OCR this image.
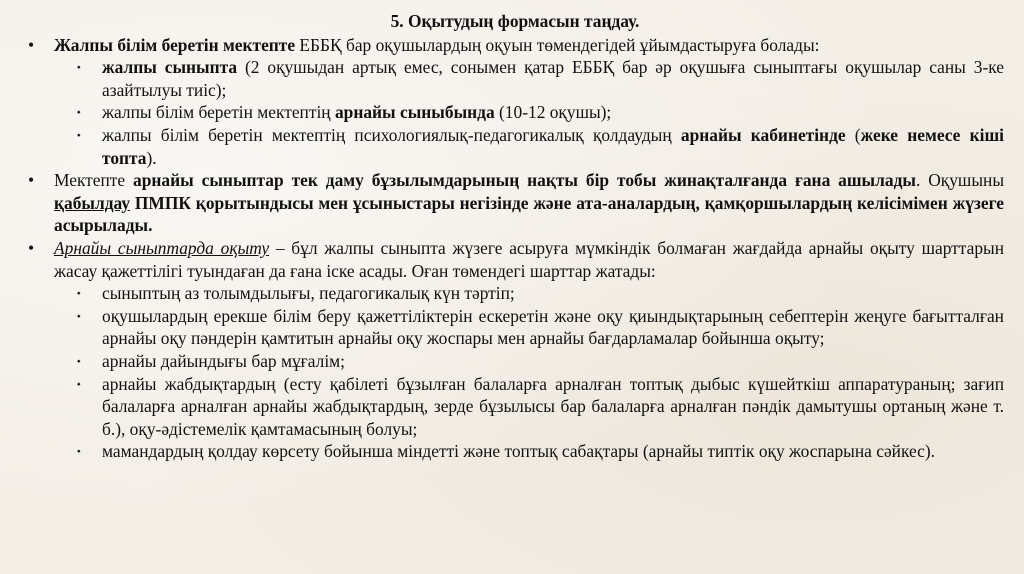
5. Оқытудың формасын таңдау.

• Жалпы білім беретін мектепте ЕББҚ бар оқушылардың оқуын төмендегідей ұйымдастыруға болады:

⬩ жалпы сыныпта (2 оқушыдан артық емес, сонымен қатар ЕББҚ бар әр оқушыға сыныптағы оқушылар саны 3-ке азайтылуы тиіс);

⬩ жалпы білім беретін мектептің арнайы сыныбында (10-12 оқушы);

⬩ жалпы білім беретін мектептің психологиялық-педагогикалық қолдаудың арнайы кабинетінде (жеке немесе кіші топта).

• Мектепте арнайы сыныптар тек даму бұзылымдарының нақты бір тобы жинақталғанда ғана ашылады. Оқушыны қабылдау ПМПК қорытындысы мен ұсыныстары негізінде және ата-аналардың, қамқоршылардың келісімімен жүзеге асырылады.

• Арнайы сыныптарда оқыту – бұл жалпы сыныпта жүзеге асыруға мүмкіндік болмаған жағдайда арнайы оқыту шарттарын жасау қажеттілігі туындаған да ғана іске асады. Оған төмендегі шарттар жатады:

⬩ сыныптың аз толымдылығы, педагогикалық күн тәртіп;

⬩ оқушылардың ерекше білім беру қажеттіліктерін ескеретін және оқу қиындықтарының себептерін жеңуге бағытталған арнайы оқу пәндерін қамтитын арнайы оқу жоспары мен арнайы бағдарламалар бойынша оқыту;

⬩ арнайы дайындығы бар мұғалім;

⬩ арнайы жабдықтардың (есту қабілеті бұзылған балаларға арналған топтық дыбыс күшейткіш аппаратураның; зағип балаларға арналған арнайы жабдықтардың, зерде бұзылысы бар балаларға арналған пәндік дамытушы ортаның және т. б.), оқу-әдістемелік қамтамасының болуы;

⬩ мамандардың қолдау көрсету бойынша міндетті және топтық сабақтары (арнайы типтік оқу жоспарына сәйкес).
